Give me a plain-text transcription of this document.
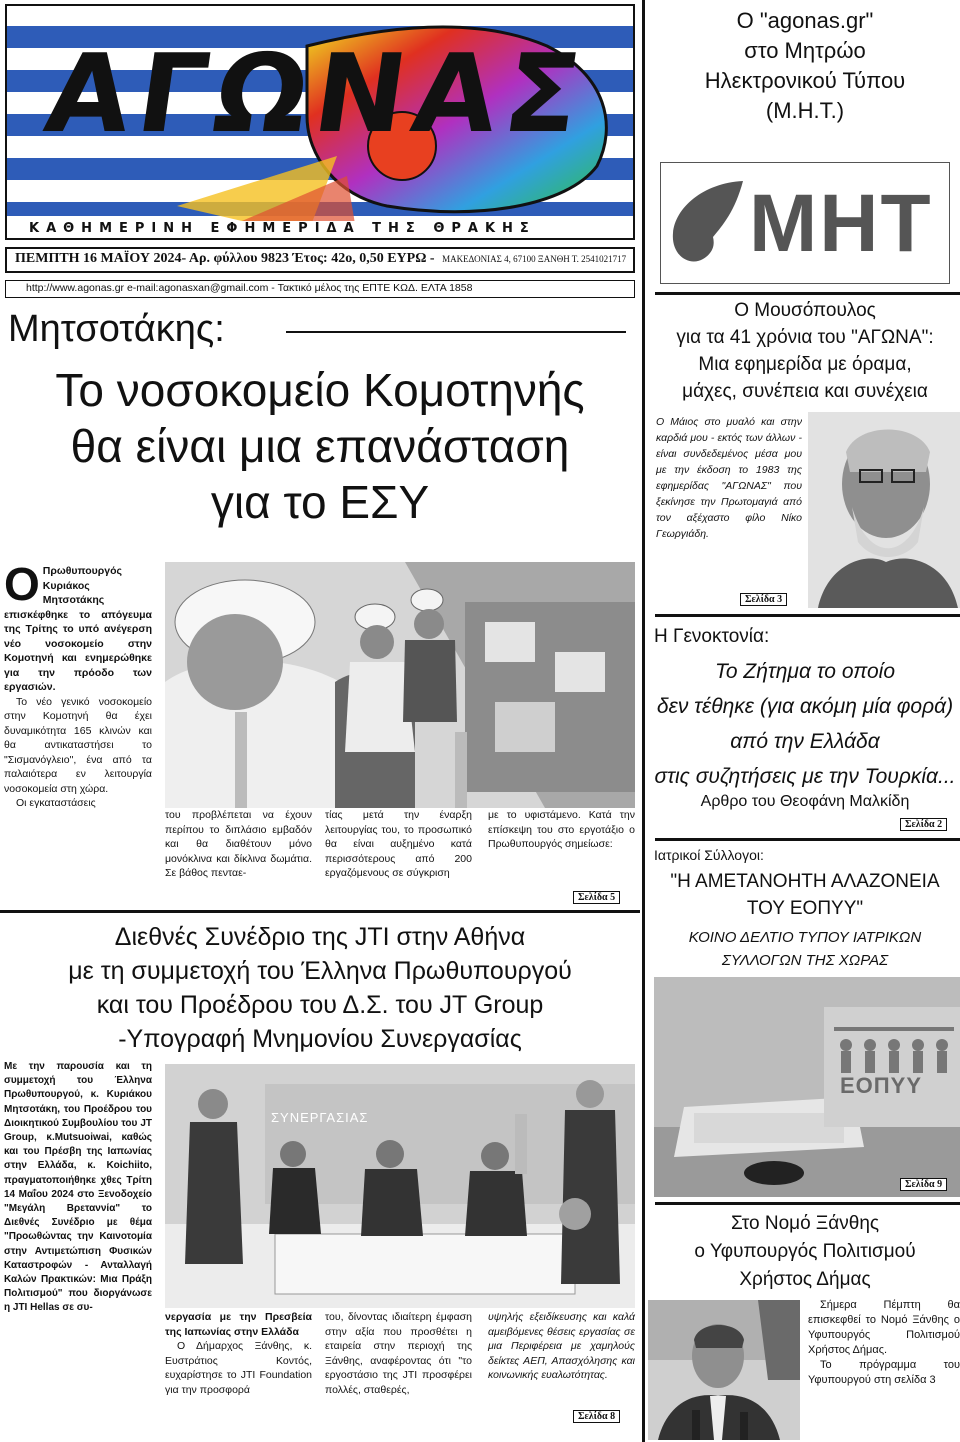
ΑΓΩΝΑΣ
ΚΑΘΗΜΕΡΙΝΗ ΕΦΗΜΕΡΙΔΑ ΤΗΣ ΘΡΑΚΗΣ
ΠΕΜΠΤΗ 16 ΜΑΪΟΥ 2024- Αρ. φύλλου 9823 Έτος: 42ο, 0,50 ΕΥΡΩ - ΜΑΚΕΔΟΝΙΑΣ 4, 67100 ΞΑΝΘΗ Τ. 2541021717
http://www.agonas.gr e-mail:agonasxan@gmail.com - Τακτικό μέλος της ΕΠΤΕ ΚΩΔ. ΕΛΤΑ 1858
Μητσοτάκης:
Το νοσοκομείο Κομοτηνής
θα είναι μια επανάσταση
για το ΕΣΥ
Ο Πρωθυπουργός Κυριάκος Μητσοτάκης επισκέφθηκε το απόγευμα της Τρίτης το υπό ανέγερση νέο νοσοκομείο στην Κομοτηνή και ενημερώθηκε για την πρόοδο των εργασιών.
Το νέο γενικό νοσοκομείο στην Κομοτηνή θα έχει δυναμικότητα 165 κλινών και θα αντικαταστήσει το "Σισμανόγλειο", ένα από τα παλαιότερα εν λειτουργία νοσοκομεία στη χώρα.
Οι εγκαταστάσεις
του προβλέπεται να έχουν περίπου το διπλάσιο εμβαδόν και θα διαθέτουν μόνο μονόκλινα και δίκλινα δωμάτια. Σε βάθος πενταε-
τίας μετά την έναρξη λειτουργίας του, το προσωπικό θα είναι αυξημένο κατά περισσότερους από 200 εργαζόμενους σε σύγκριση
με το υφιστάμενο. Κατά την επίσκεψη του στο εργοτάξιο ο Πρωθυπουργός σημείωσε:
Σελίδα 5
Διεθνές Συνέδριο της JTI στην Αθήνα
με τη συμμετοχή του Έλληνα Πρωθυπουργού
και του Προέδρου του Δ.Σ. του JT Group
-Υπογραφή Μνημονίου Συνεργασίας
Με την παρουσία και τη συμμετοχή του Έλληνα Πρωθυπουργού, κ. Κυριάκου Μητσοτάκη, του Προέδρου του Διοικητικού Συμβουλίου του JT Group, κ.Mutsuoiwai, καθώς και του Πρέσβη της Ιαπωνίας στην Ελλάδα, κ. Koichiito, πραγματοποιήθηκε χθες Τρίτη 14 Μαΐου 2024 στο Ξενοδοχείο "Μεγάλη Βρεταννία" το Διεθνές Συνέδριο με θέμα "Προωθώντας την Καινοτομία στην Αντιμετώπιση Φυσικών Καταστροφών - Ανταλλαγή Καλών Πρακτικών: Μια Πράξη Πολιτισμού" που διοργάνωσε η JTI Hellas σε συ-
ΣΥΝΕΡΓΑΣΙΑΣ
νεργασία με την Πρεσβεία της Ιαπωνίας στην Ελλάδα
Ο Δήμαρχος Ξάνθης, κ. Ευστράτιος Κοντός, ευχαρίστησε το JTI Foundation για την προσφορά
του, δίνοντας ιδιαίτερη έμφαση στην αξία που προσθέτει η εταιρεία στην περιοχή της Ξάνθης, αναφέροντας ότι "το εργοστάσιο της JTI προσφέρει πολλές, σταθερές,
υψηλής εξειδίκευσης και καλά αμειβόμενες θέσεις εργασίας σε μια Περιφέρεια με χαμηλούς δείκτες ΑΕΠ, Απασχόλησης και κοινωνικής ευαλωτότητας.
Σελίδα 8
Ο "agonas.gr"
στο Μητρώο
Ηλεκτρονικού Τύπου
(Μ.Η.Τ.)
ΜΗΤ
Ο Μουσόπουλος
για τα 41 χρόνια του "ΑΓΩΝΑ":
Μια εφημερίδα με όραμα,
μάχες, συνέπεια και συνέχεια
Ο Μάιος στο μυαλό και στην καρδιά μου - εκτός των άλλων - είναι συνδεδεμένος μέσα μου με την έκδοση το 1983 της εφημερίδας "ΑΓΩΝΑΣ" που ξεκίνησε την Πρωτομαγιά από τον αξέχαστο φίλο Νίκο Γεωργιάδη.
Σελίδα 3
Η Γενοκτονία:
Το Ζήτημα το οποίο
δεν τέθηκε (για ακόμη μία φορά)
από την Ελλάδα
στις συζητήσεις με την Τουρκία...
Αρθρο του Θεοφάνη Μαλκίδη
Σελίδα 2
Ιατρικοί Σύλλογοι:
"Η ΑΜΕΤΑΝΟΗΤΗ ΑΛΑΖΟΝΕΙΑ
ΤΟΥ ΕΟΠΥΥ"
ΚΟΙΝΟ ΔΕΛΤΙΟ ΤΥΠΟΥ ΙΑΤΡΙΚΩΝ
ΣΥΛΛΟΓΩΝ ΤΗΣ ΧΩΡΑΣ
ΕΟΠΥΥ
Σελίδα 9
Στο Νομό Ξάνθης
ο Υφυπουργός Πολιτισμού
Χρήστος Δήμας
Σήμερα Πέμπτη θα επισκεφθεί το Νομό Ξάνθης ο Υφυπουργός Πολιτισμού Χρήστος Δήμας.
Το πρόγραμμα του Υφυπουργού στη σελίδα 3
